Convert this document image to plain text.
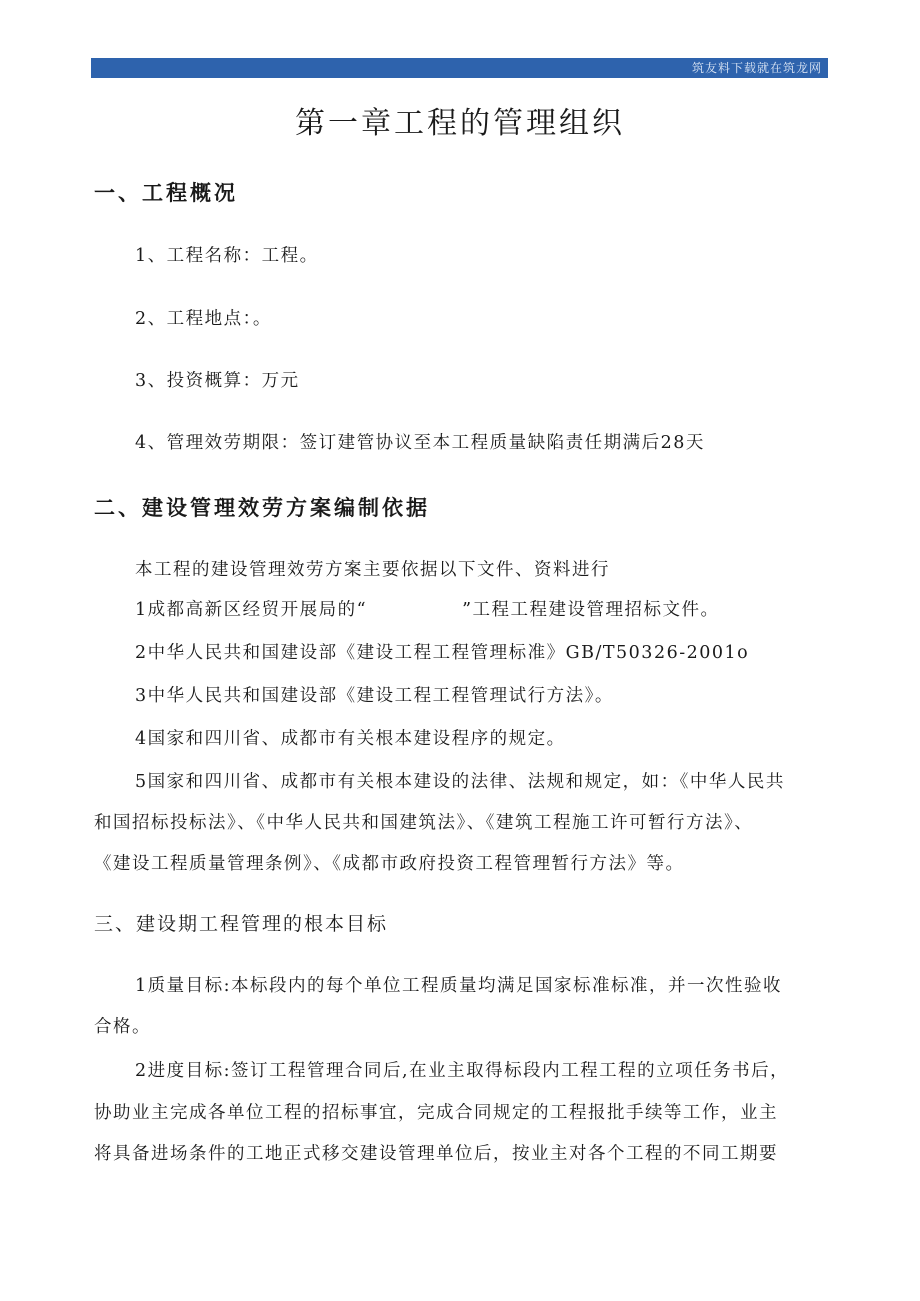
筑友料下载就在筑龙网
第一章工程的管理组织
一、工程概况
1、工程名称：工程。
2、工程地点：。
3、投资概算：万元
4、管理效劳期限：签订建管协议至本工程质量缺陷责任期满后28天
二、建设管理效劳方案编制依据
本工程的建设管理效劳方案主要依据以下文件、资料进行
1成都高新区经贸开展局的“　　　　　”工程工程建设管理招标文件。
2中华人民共和国建设部《建设工程工程管理标准》GB/T50326-2001o
3中华人民共和国建设部《建设工程工程管理试行方法》。
4国家和四川省、成都市有关根本建设程序的规定。
5国家和四川省、成都市有关根本建设的法律、法规和规定，如：《中华人民共
和国招标投标法》、《中华人民共和国建筑法》、《建筑工程施工许可暂行方法》、
《建设工程质量管理条例》、《成都市政府投资工程管理暂行方法》等。
三、建设期工程管理的根本目标
1质量目标:本标段内的每个单位工程质量均满足国家标准标准，并一次性验收
合格。
2进度目标:签订工程管理合同后,在业主取得标段内工程工程的立项任务书后，
协助业主完成各单位工程的招标事宜，完成合同规定的工程报批手续等工作，业主
将具备进场条件的工地正式移交建设管理单位后，按业主对各个工程的不同工期要
